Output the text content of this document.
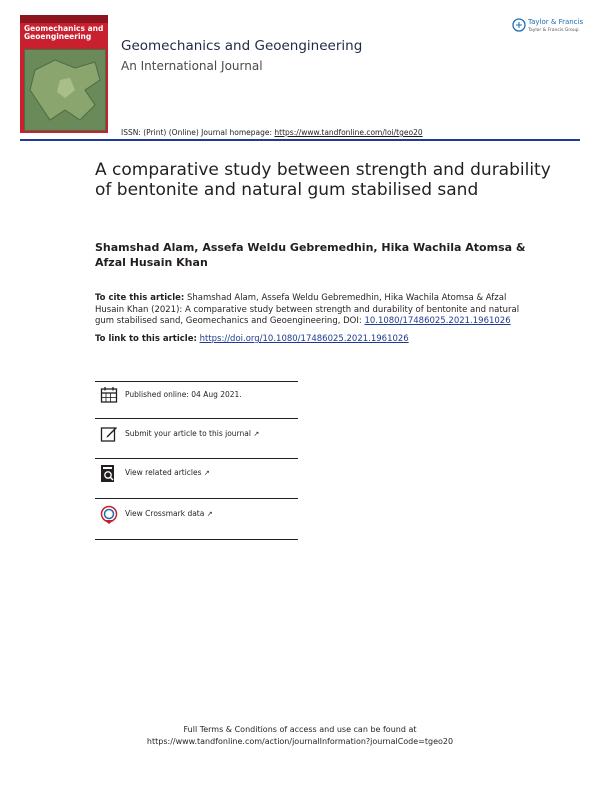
Geomechanics and Geoengineering
Taylor & Francis
Taylor & Francis Group
Geomechanics and Geoengineering
An International Journal
ISSN: (Print) (Online) Journal homepage: https://www.tandfonline.com/loi/tgeo20
A comparative study between strength and durability of bentonite and natural gum stabilised sand
Shamshad Alam, Assefa Weldu Gebremedhin, Hika Wachila Atomsa & Afzal Husain Khan
To cite this article: Shamshad Alam, Assefa Weldu Gebremedhin, Hika Wachila Atomsa & Afzal Husain Khan (2021): A comparative study between strength and durability of bentonite and natural gum stabilised sand, Geomechanics and Geoengineering, DOI: 10.1080/17486025.2021.1961026
To link to this article: https://doi.org/10.1080/17486025.2021.1961026
Published online: 04 Aug 2021.
Submit your article to this journal ↗
View related articles ↗
View Crossmark data ↗
Full Terms & Conditions of access and use can be found at
https://www.tandfonline.com/action/journalInformation?journalCode=tgeo20
